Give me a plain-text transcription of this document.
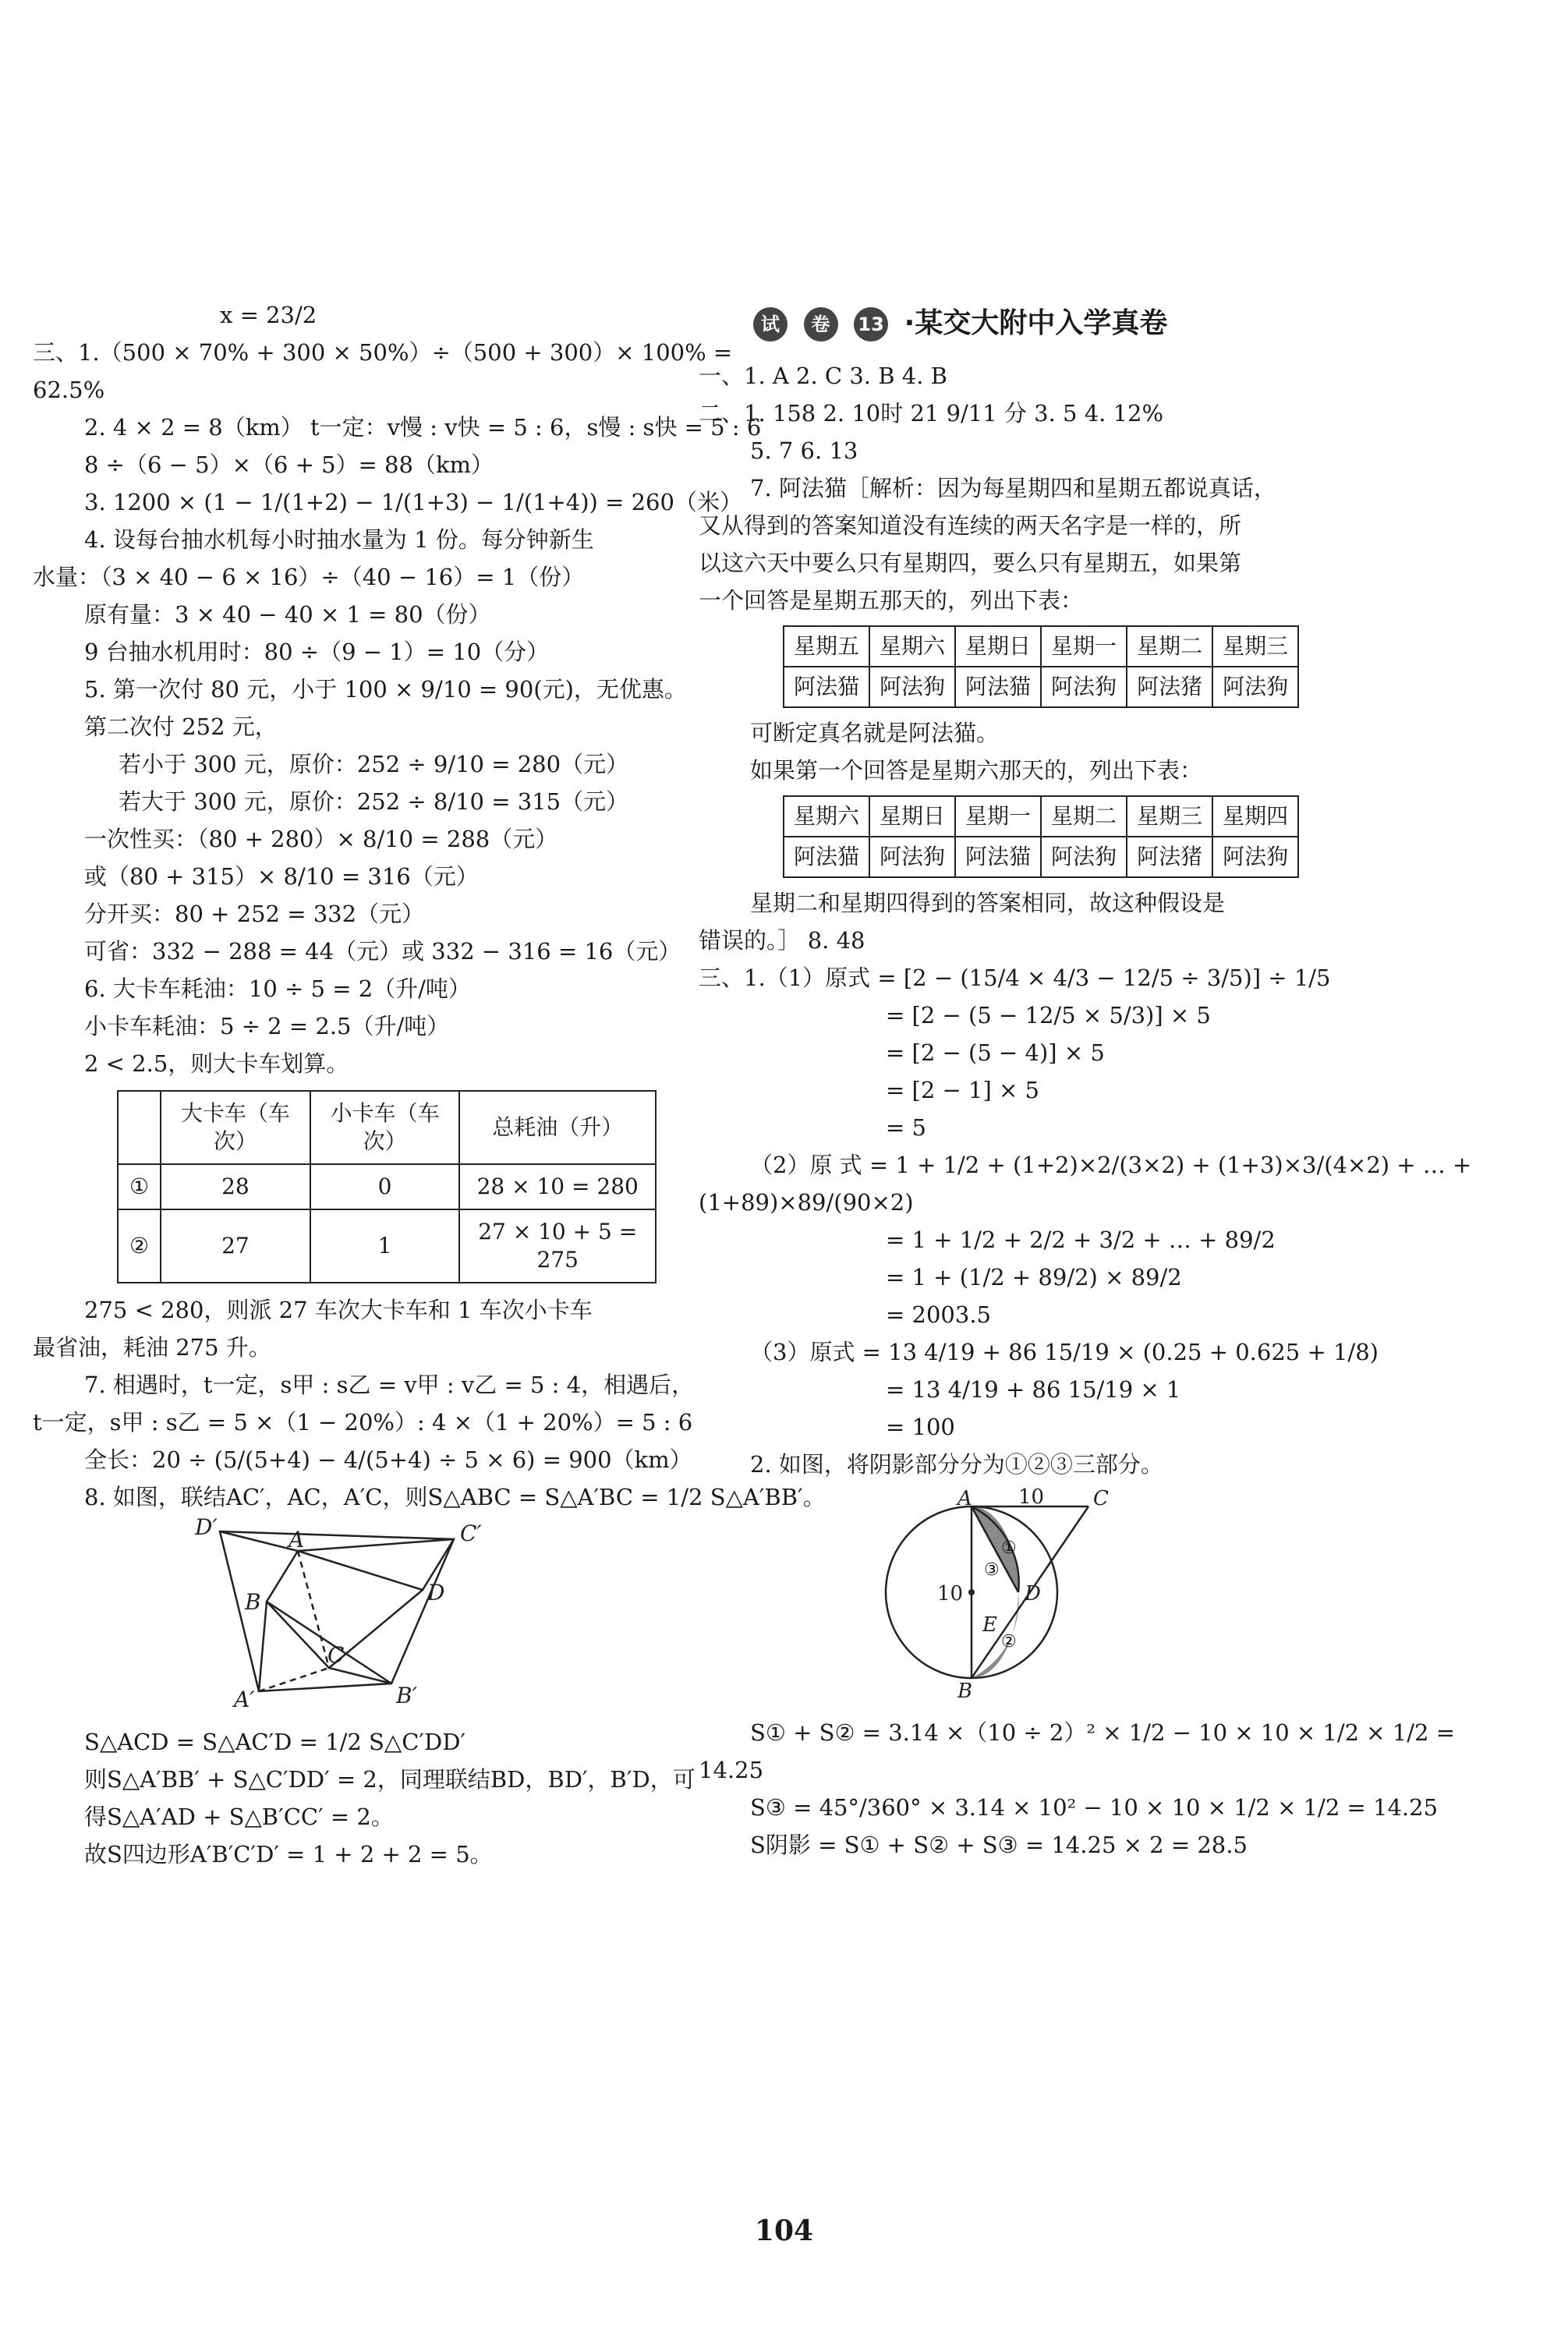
x = 23/2
三、1.（500 × 70% + 300 × 50%）÷（500 + 300）× 100% =
62.5%
2. 4 × 2 = 8（km） t一定：v慢 : v快 = 5 : 6，s慢 : s快 = 5 : 6
8 ÷（6 − 5）×（6 + 5）= 88（km）
3. 1200 × (1 − 1/(1+2) − 1/(1+3) − 1/(1+4)) = 260（米）
4. 设每台抽水机每小时抽水量为 1 份。每分钟新生
水量：（3 × 40 − 6 × 16）÷（40 − 16）= 1（份）
原有量：3 × 40 − 40 × 1 = 80（份）
9 台抽水机用时：80 ÷（9 − 1）= 10（分）
5. 第一次付 80 元，小于 100 × 9/10 = 90(元)，无优惠。
第二次付 252 元，
若小于 300 元，原价：252 ÷ 9/10 = 280（元）
若大于 300 元，原价：252 ÷ 8/10 = 315（元）
一次性买：（80 + 280）× 8/10 = 288（元）
或（80 + 315）× 8/10 = 316（元）
分开买：80 + 252 = 332（元）
可省：332 − 288 = 44（元）或 332 − 316 = 16（元）
6. 大卡车耗油：10 ÷ 5 = 2（升/吨）
小卡车耗油：5 ÷ 2 = 2.5（升/吨）
2 < 2.5，则大卡车划算。
	大卡车（车次）	小卡车（车次）	总耗油（升）
①	28	0	28 × 10 = 280
②	27	1	27 × 10 + 5 = 275
275 < 280，则派 27 车次大卡车和 1 车次小卡车
最省油，耗油 275 升。
7. 相遇时，t一定，s甲 : s乙 = v甲 : v乙 = 5 : 4，相遇后，
t一定，s甲 : s乙 = 5 ×（1 − 20%）: 4 ×（1 + 20%）= 5 : 6
全长：20 ÷ (5/(5+4) − 4/(5+4) ÷ 5 × 6) = 900（km）
8. 如图，联结AC′，AC，A′C，则S△ABC = S△A′BC = 1/2 S△A′BB′。
D′	A	C′
B	D
C
A′	B′
S△ACD = S△AC′D = 1/2 S△C′DD′
则S△A′BB′ + S△C′DD′ = 2，同理联结BD，BD′，B′D，可
得S△A′AD + S△B′CC′ = 2。
故S四边形A′B′C′D′ = 1 + 2 + 2 = 5。
试 卷 13 ·某交大附中入学真卷
一、1. A 2. C 3. B 4. B
二、1. 158 2. 10时 21 9/11 分 3. 5 4. 12%
5. 7 6. 13
7. 阿法猫［解析：因为每星期四和星期五都说真话，
又从得到的答案知道没有连续的两天名字是一样的，所
以这六天中要么只有星期四，要么只有星期五，如果第
一个回答是星期五那天的，列出下表：
星期五	星期六	星期日	星期一	星期二	星期三
阿法猫	阿法狗	阿法猫	阿法狗	阿法猪	阿法狗
可断定真名就是阿法猫。
如果第一个回答是星期六那天的，列出下表：
星期六	星期日	星期一	星期二	星期三	星期四
阿法猫	阿法狗	阿法猫	阿法狗	阿法猪	阿法狗
星期二和星期四得到的答案相同，故这种假设是
错误的。］ 8. 48
三、1.（1）原式 = [2 − (15/4 × 4/3 − 12/5 ÷ 3/5)] ÷ 1/5
= [2 − (5 − 12/5 × 5/3)] × 5
= [2 − (5 − 4)] × 5
= [2 − 1] × 5
= 5
（2）原 式 = 1 + 1/2 + (1+2)×2/(3×2) + (1+3)×3/(4×2) + … +
(1+89)×89/(90×2)
= 1 + 1/2 + 2/2 + 3/2 + … + 89/2
= 1 + (1/2 + 89/2) × 89/2
= 2003.5
（3）原式 = 13 4/19 + 86 15/19 × (0.25 + 0.625 + 1/8)
= 13 4/19 + 86 15/19 × 1
= 100
2. 如图，将阴影部分分为①②③三部分。
A 10 C
10	D
E
B
①
②
③
S① + S② = 3.14 ×（10 ÷ 2）² × 1/2 − 10 × 10 × 1/2 × 1/2 =
14.25
S③ = 45°/360° × 3.14 × 10² − 10 × 10 × 1/2 × 1/2 = 14.25
S阴影 = S① + S② + S③ = 14.25 × 2 = 28.5
104
